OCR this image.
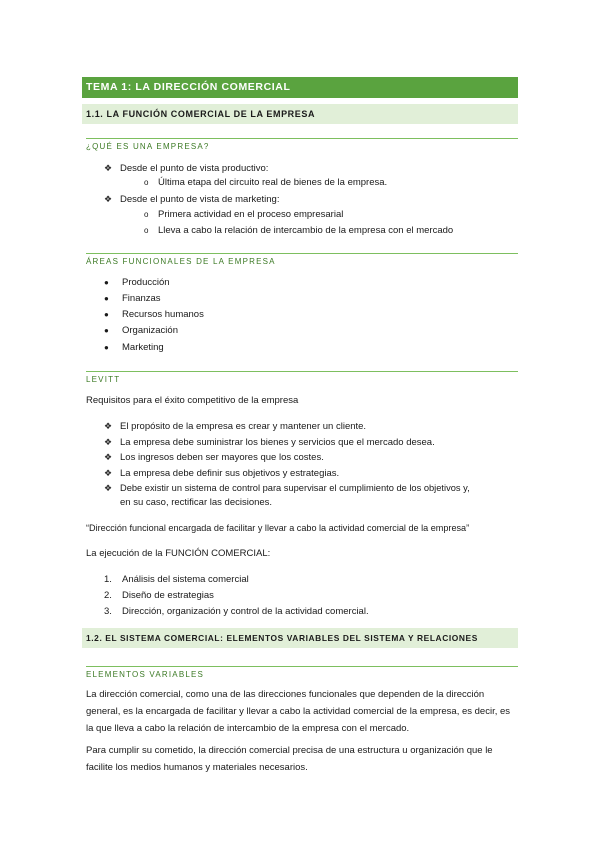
TEMA 1: LA DIRECCIÓN COMERCIAL
1.1. LA FUNCIÓN COMERCIAL DE LA EMPRESA
¿QUÉ ES UNA EMPRESA?
❖ Desde el punto de vista productivo:
o Última etapa del circuito real de bienes de la empresa.
❖ Desde el punto de vista de marketing:
o Primera actividad en el proceso empresarial
o Lleva a cabo la relación de intercambio de la empresa con el mercado
ÁREAS FUNCIONALES DE LA EMPRESA
● Producción
● Finanzas
● Recursos humanos
● Organización
● Marketing
LEVITT
Requisitos para el éxito competitivo de la empresa
❖ El propósito de la empresa es crear y mantener un cliente.
❖ La empresa debe suministrar los bienes y servicios que el mercado desea.
❖ Los ingresos deben ser mayores que los costes.
❖ La empresa debe definir sus objetivos y estrategias.
❖ Debe existir un sistema de control para supervisar el cumplimiento de los objetivos y,
en su caso, rectificar las decisiones.
“Dirección funcional encargada de facilitar y llevar a cabo la actividad comercial de la empresa”
La ejecución de la FUNCIÓN COMERCIAL:
1. Análisis del sistema comercial
2. Diseño de estrategias
3. Dirección, organización y control de la actividad comercial.
1.2. EL SISTEMA COMERCIAL: ELEMENTOS VARIABLES DEL SISTEMA Y RELACIONES
ELEMENTOS VARIABLES
La dirección comercial, como una de las direcciones funcionales que dependen de la dirección general, es la encargada de facilitar y llevar a cabo la actividad comercial de la empresa, es decir, es la que lleva a cabo la relación de intercambio de la empresa con el mercado.
Para cumplir su cometido, la dirección comercial precisa de una estructura u organización que le facilite los medios humanos y materiales necesarios.
